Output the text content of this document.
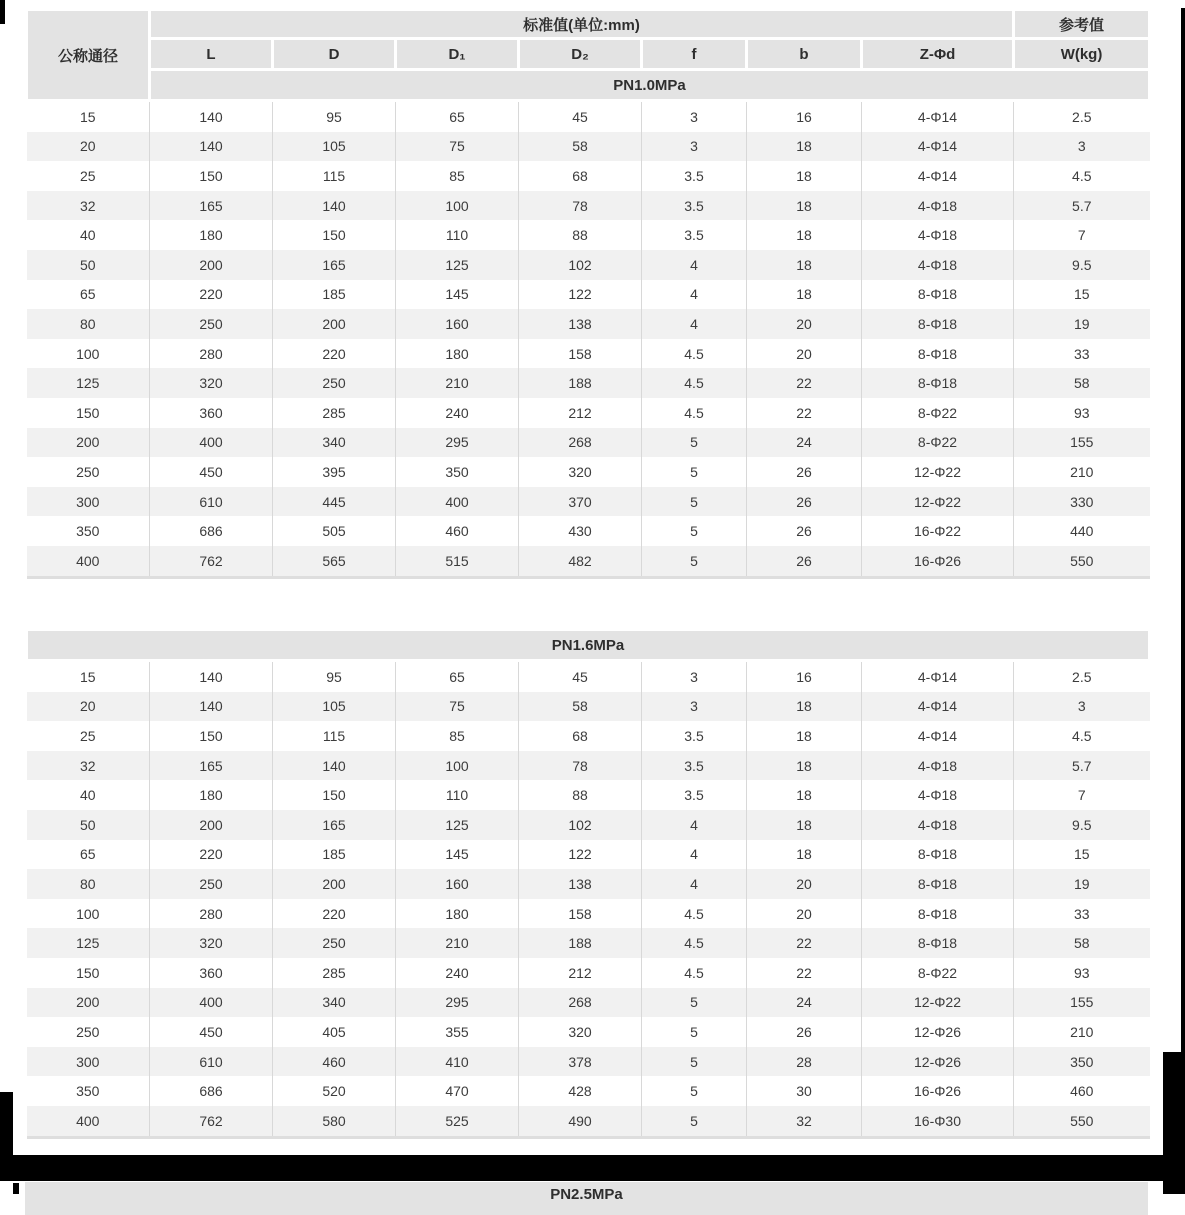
公称通径	标准值(单位:mm)							参考值
	L	D	D₁	D₂	f	b	Z-Φd	W(kg)
	PN1.0MPa							
15	140	95	65	45	3	16	4-Φ14	2.5
20	140	105	75	58	3	18	4-Φ14	3
25	150	115	85	68	3.5	18	4-Φ14	4.5
32	165	140	100	78	3.5	18	4-Φ18	5.7
40	180	150	110	88	3.5	18	4-Φ18	7
50	200	165	125	102	4	18	4-Φ18	9.5
65	220	185	145	122	4	18	8-Φ18	15
80	250	200	160	138	4	20	8-Φ18	19
100	280	220	180	158	4.5	20	8-Φ18	33
125	320	250	210	188	4.5	22	8-Φ18	58
150	360	285	240	212	4.5	22	8-Φ22	93
200	400	340	295	268	5	24	8-Φ22	155
250	450	395	350	320	5	26	12-Φ22	210
300	610	445	400	370	5	26	12-Φ22	330
350	686	505	460	430	5	26	16-Φ22	440
400	762	565	515	482	5	26	16-Φ26	550
PN1.6MPa								
15	140	95	65	45	3	16	4-Φ14	2.5
20	140	105	75	58	3	18	4-Φ14	3
25	150	115	85	68	3.5	18	4-Φ14	4.5
32	165	140	100	78	3.5	18	4-Φ18	5.7
40	180	150	110	88	3.5	18	4-Φ18	7
50	200	165	125	102	4	18	4-Φ18	9.5
65	220	185	145	122	4	18	8-Φ18	15
80	250	200	160	138	4	20	8-Φ18	19
100	280	220	180	158	4.5	20	8-Φ18	33
125	320	250	210	188	4.5	22	8-Φ18	58
150	360	285	240	212	4.5	22	8-Φ22	93
200	400	340	295	268	5	24	12-Φ22	155
250	450	405	355	320	5	26	12-Φ26	210
300	610	460	410	378	5	28	12-Φ26	350
350	686	520	470	428	5	30	16-Φ26	460
400	762	580	525	490	5	32	16-Φ30	550
PN2.5MPa
